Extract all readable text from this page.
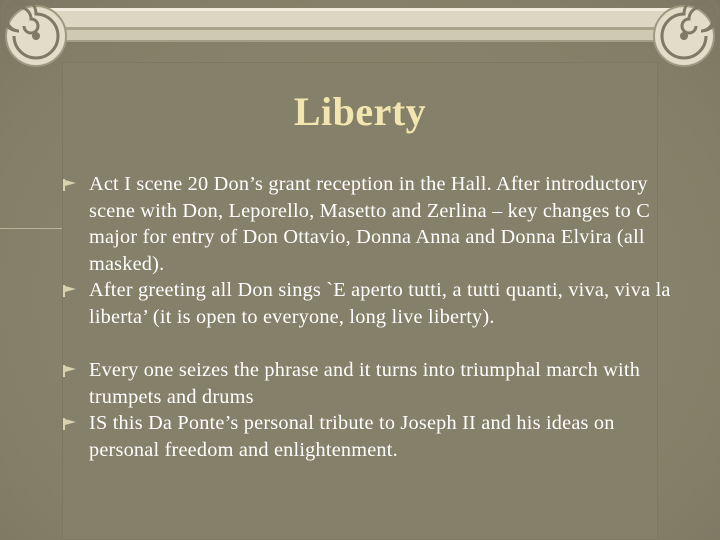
Liberty
Act I scene 20 Don’s grant reception in the Hall. After introductory scene with Don, Leporello, Masetto and Zerlina – key changes to C major for entry of Don Ottavio, Donna Anna and Donna Elvira (all masked).
After greeting all Don sings `E aperto tutti, a tutti quanti, viva, viva la liberta’ (it is open to everyone, long live liberty).
Every one seizes the phrase and it turns into triumphal march with trumpets and drums
IS this Da Ponte’s personal tribute to Joseph II and his ideas on personal freedom and enlightenment.
